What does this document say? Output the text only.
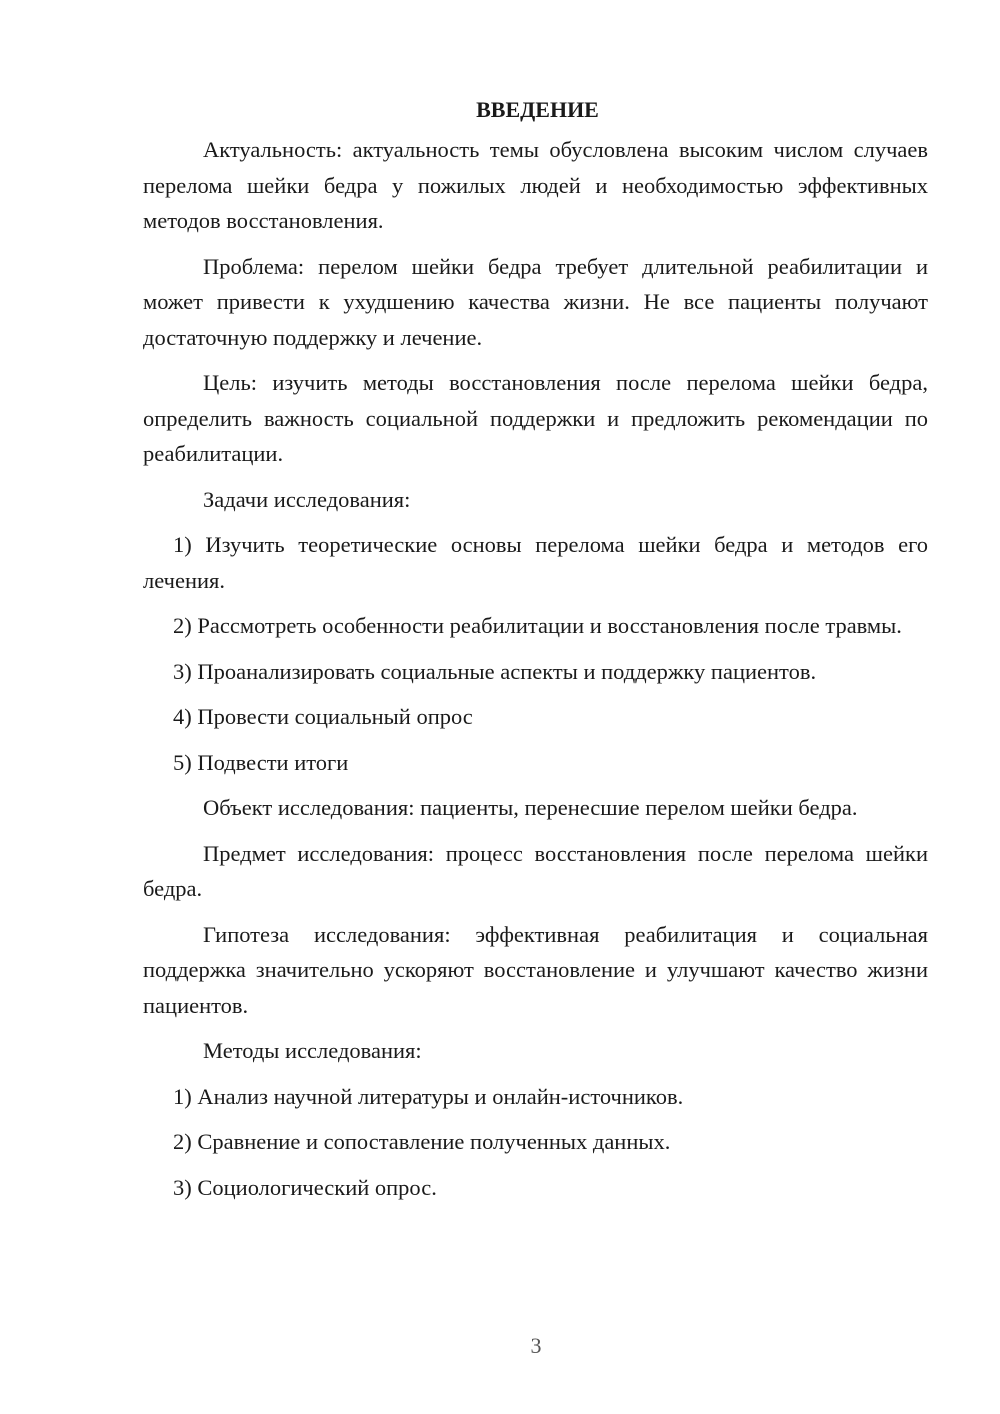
ВВЕДЕНИЕ

Актуальность: актуальность темы обусловлена высоким числом случаев перелома шейки бедра у пожилых людей и необходимостью эффективных методов восстановления.

Проблема: перелом шейки бедра требует длительной реабилитации и может привести к ухудшению качества жизни. Не все пациенты получают достаточную поддержку и лечение.

Цель: изучить методы восстановления после перелома шейки бедра, определить важность социальной поддержки и предложить рекомендации по реабилитации.

Задачи исследования:

1) Изучить теоретические основы перелома шейки бедра и методов его лечения.

2) Рассмотреть особенности реабилитации и восстановления после травмы.

3) Проанализировать социальные аспекты и поддержку пациентов.

4) Провести социальный опрос

5) Подвести итоги

Объект исследования: пациенты, перенесшие перелом шейки бедра.

Предмет исследования: процесс восстановления после перелома шейки бедра.

Гипотеза исследования: эффективная реабилитация и социальная поддержка значительно ускоряют восстановление и улучшают качество жизни пациентов.

Методы исследования:

1) Анализ научной литературы и онлайн-источников.

2) Сравнение и сопоставление полученных данных.

3) Социологический опрос.

3
